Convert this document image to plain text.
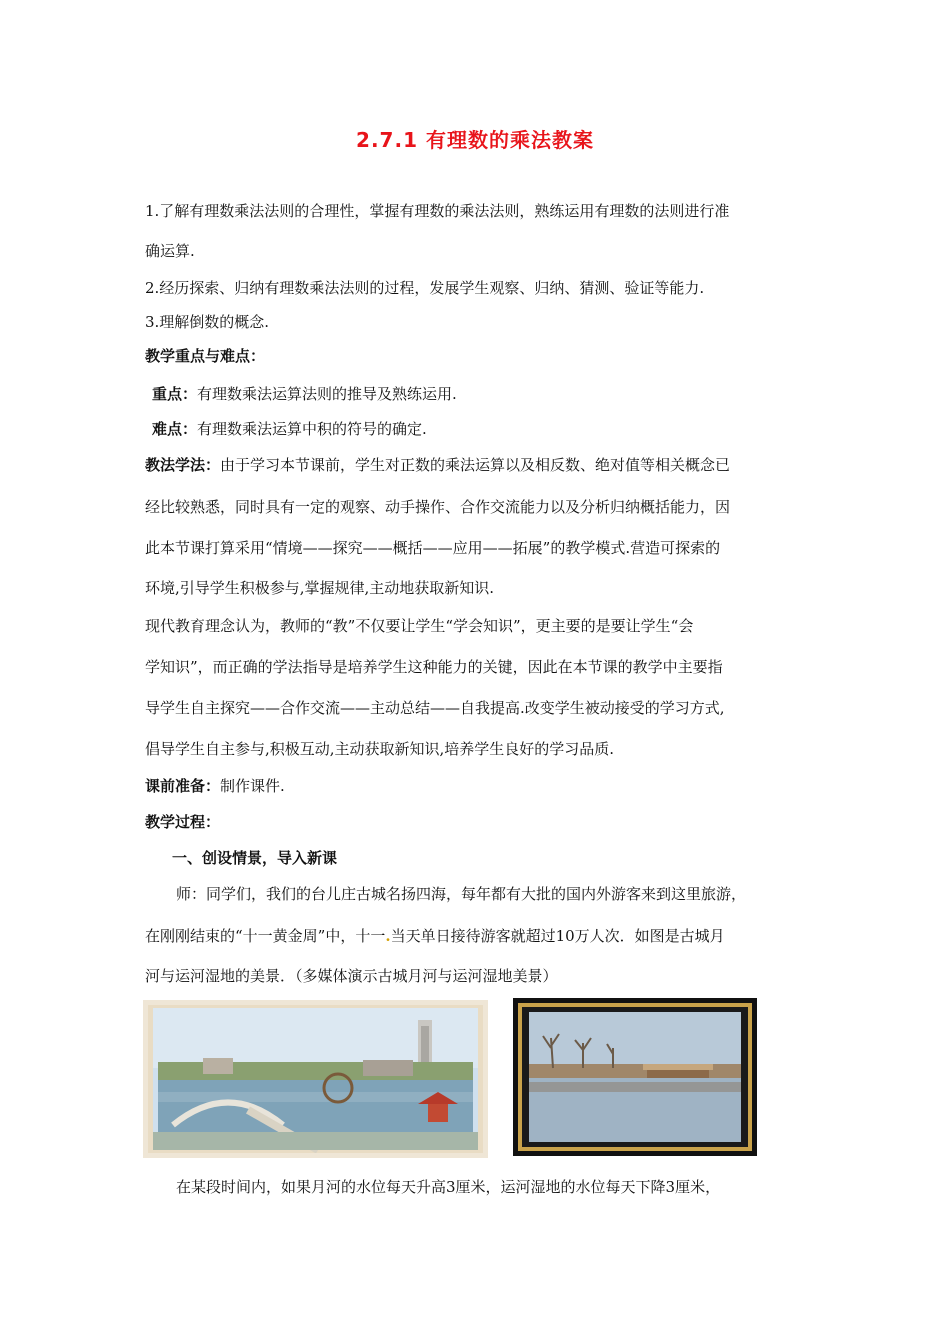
2.7.1 有理数的乘法教案
1.了解有理数乘法法则的合理性，掌握有理数的乘法法则，熟练运用有理数的法则进行准
确运算.
2.经历探索、归纳有理数乘法法则的过程，发展学生观察、归纳、猜测、验证等能力.
3.理解倒数的概念.
教学重点与难点：
重点：有理数乘法运算法则的推导及熟练运用.
难点：有理数乘法运算中积的符号的确定.
教法学法：由于学习本节课前，学生对正数的乘法运算以及相反数、绝对值等相关概念已
经比较熟悉，同时具有一定的观察、动手操作、合作交流能力以及分析归纳概括能力，因
此本节课打算采用“情境——探究——概括——应用——拓展”的教学模式.营造可探索的
环境,引导学生积极参与,掌握规律,主动地获取新知识.
现代教育理念认为，教师的“教”不仅要让学生“学会知识”，更主要的是要让学生“会
学知识”，而正确的学法指导是培养学生这种能力的关键，因此在本节课的教学中主要指
导学生自主探究——合作交流——主动总结——自我提高.改变学生被动接受的学习方式,
倡导学生自主参与,积极互动,主动获取新知识,培养学生良好的学习品质.
课前准备：制作课件.
教学过程：
一、创设情景，导入新课
师：同学们，我们的台儿庄古城名扬四海，每年都有大批的国内外游客来到这里旅游，
在刚刚结束的“十一黄金周”中，十一.当天单日接待游客就超过10万人次．如图是古城月
河与运河湿地的美景．（多媒体演示古城月河与运河湿地美景）
在某段时间内，如果月河的水位每天升高3厘米，运河湿地的水位每天下降3厘米，
